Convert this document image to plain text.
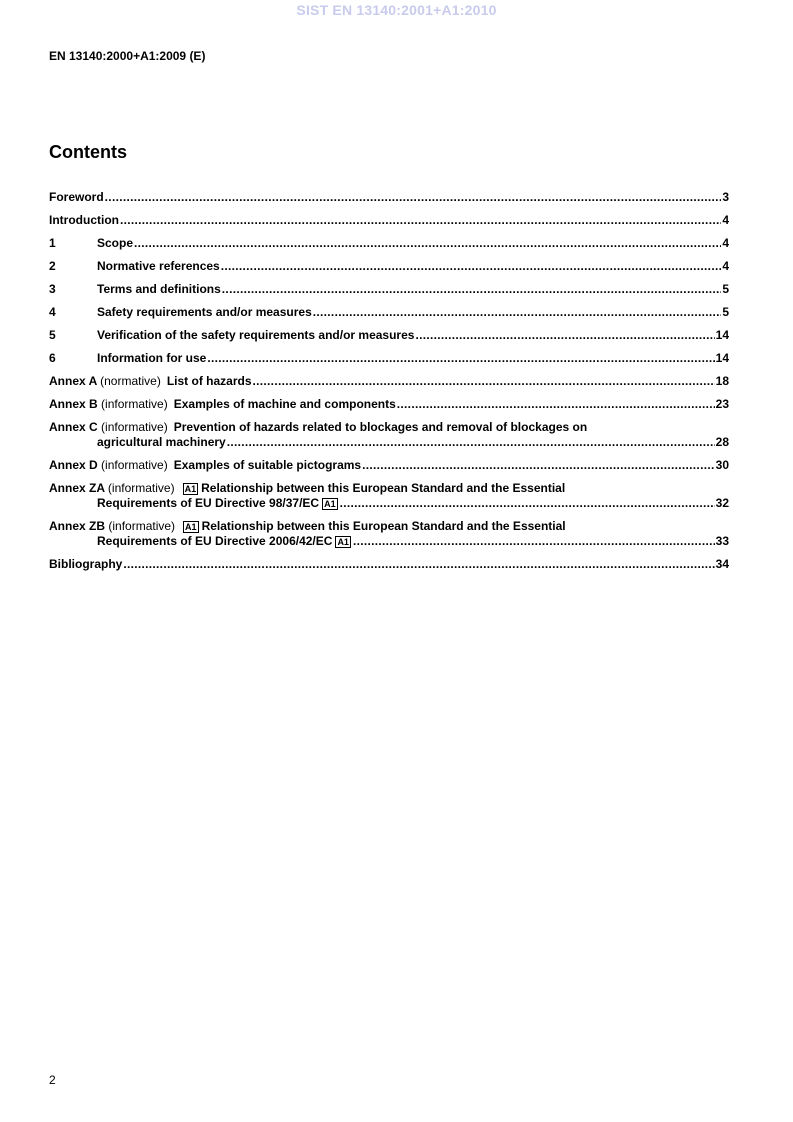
SIST EN 13140:2001+A1:2010
EN 13140:2000+A1:2009 (E)
Contents
Foreword .....	3
Introduction .....	4
1	Scope .....	4
2	Normative references .....	4
3	Terms and definitions .....	5
4	Safety requirements and/or measures .....	5
5	Verification of the safety requirements and/or measures .....	14
6	Information for use .....	14
Annex A (normative) List of hazards .....	18
Annex B (informative) Examples of machine and components .....	23
Annex C (informative) Prevention of hazards related to blockages and removal of blockages on
agricultural machinery .....	28
Annex D (informative) Examples of suitable pictograms .....	30
Annex ZA (informative) A1 Relationship between this European Standard and the Essential
Requirements of EU Directive 98/37/EC A1 .....	32
Annex ZB (informative) A1 Relationship between this European Standard and the Essential
Requirements of EU Directive 2006/42/EC A1 .....	33
Bibliography .....	34
2
